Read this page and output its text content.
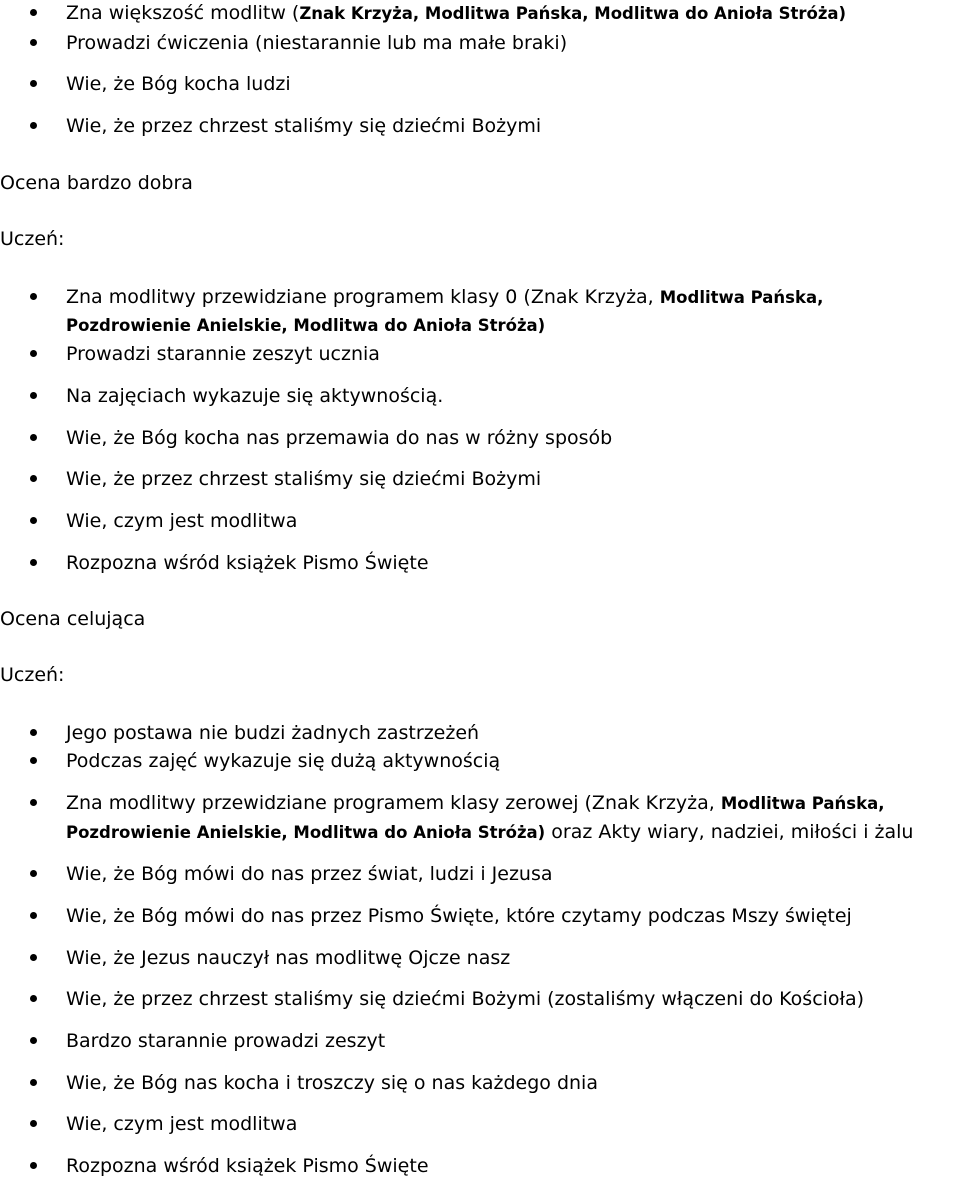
Zna większość modlitw (Znak Krzyża, Modlitwa Pańska, Modlitwa do Anioła Stróża)
Prowadzi ćwiczenia (niestarannie lub ma małe braki)
Wie, że Bóg kocha ludzi
Wie, że przez chrzest staliśmy się dziećmi Bożymi
Ocena bardzo dobra
Uczeń:
Zna modlitwy przewidziane programem klasy 0 (Znak Krzyża, Modlitwa Pańska,
Pozdrowienie Anielskie, Modlitwa do Anioła Stróża)
Prowadzi starannie zeszyt ucznia
Na zajęciach wykazuje się aktywnością.
Wie, że Bóg kocha nas przemawia do nas w różny sposób
Wie, że przez chrzest staliśmy się dziećmi Bożymi
Wie, czym jest modlitwa
Rozpozna wśród książek Pismo Święte
Ocena celująca
Uczeń:
Jego postawa nie budzi żadnych zastrzeżeń
Podczas zajęć wykazuje się dużą aktywnością
Zna modlitwy przewidziane programem klasy zerowej (Znak Krzyża, Modlitwa Pańska,
Pozdrowienie Anielskie, Modlitwa do Anioła Stróża) oraz Akty wiary, nadziei, miłości i żalu
Wie, że Bóg mówi do nas przez świat, ludzi i Jezusa
Wie, że Bóg mówi do nas przez Pismo Święte, które czytamy podczas Mszy świętej
Wie, że Jezus nauczył nas modlitwę Ojcze nasz
Wie, że przez chrzest staliśmy się dziećmi Bożymi (zostaliśmy włączeni do Kościoła)
Bardzo starannie prowadzi zeszyt
Wie, że Bóg nas kocha i troszczy się o nas każdego dnia
Wie, czym jest modlitwa
Rozpozna wśród książek Pismo Święte
